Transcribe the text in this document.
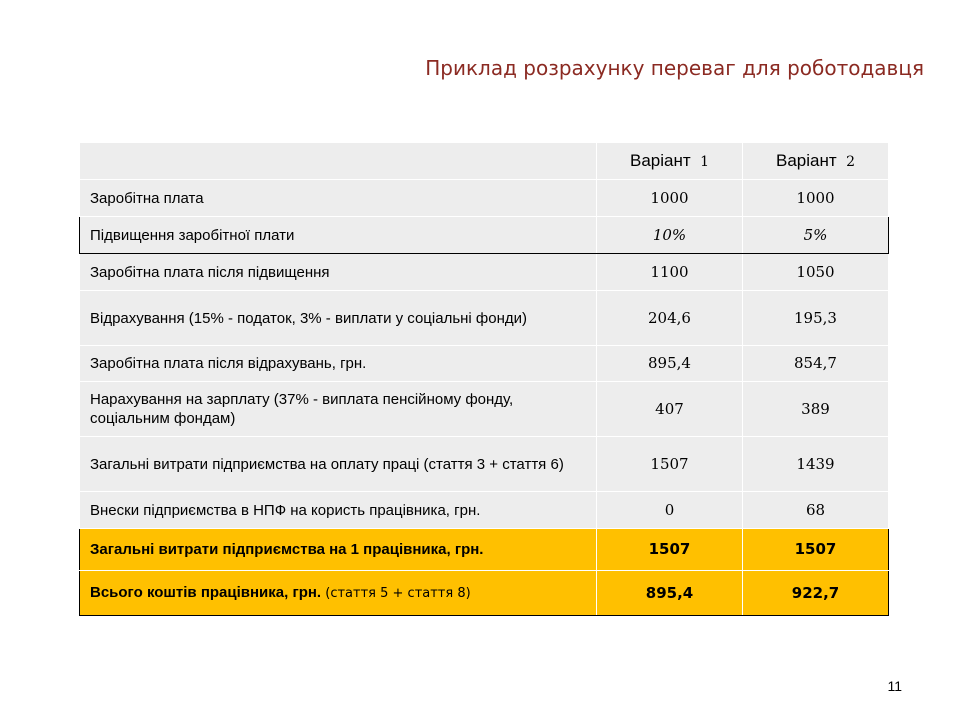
Приклад розрахунку переваг для роботодавця
	Варіант 1	Варіант 2
Заробітна плата	1000	1000
Підвищення заробітної плати	10%	5%
Заробітна плата після підвищення	1100	1050
Відрахування (15% - податок, 3% - виплати у соціальні фонди)	204,6	195,3
Заробітна плата після відрахувань, грн.	895,4	854,7
Нарахування на зарплату (37% - виплата пенсійному фонду, соціальним фондам)	407	389
Загальні витрати підприємства на оплату праці (стаття 3 + стаття 6)	1507	1439
Внески підприємства в НПФ на користь працівника, грн.	0	68
Загальні витрати підприємства на 1 працівника, грн.	1507	1507
Всього коштів працівника, грн. (стаття 5 + стаття 8)	895,4	922,7
11
